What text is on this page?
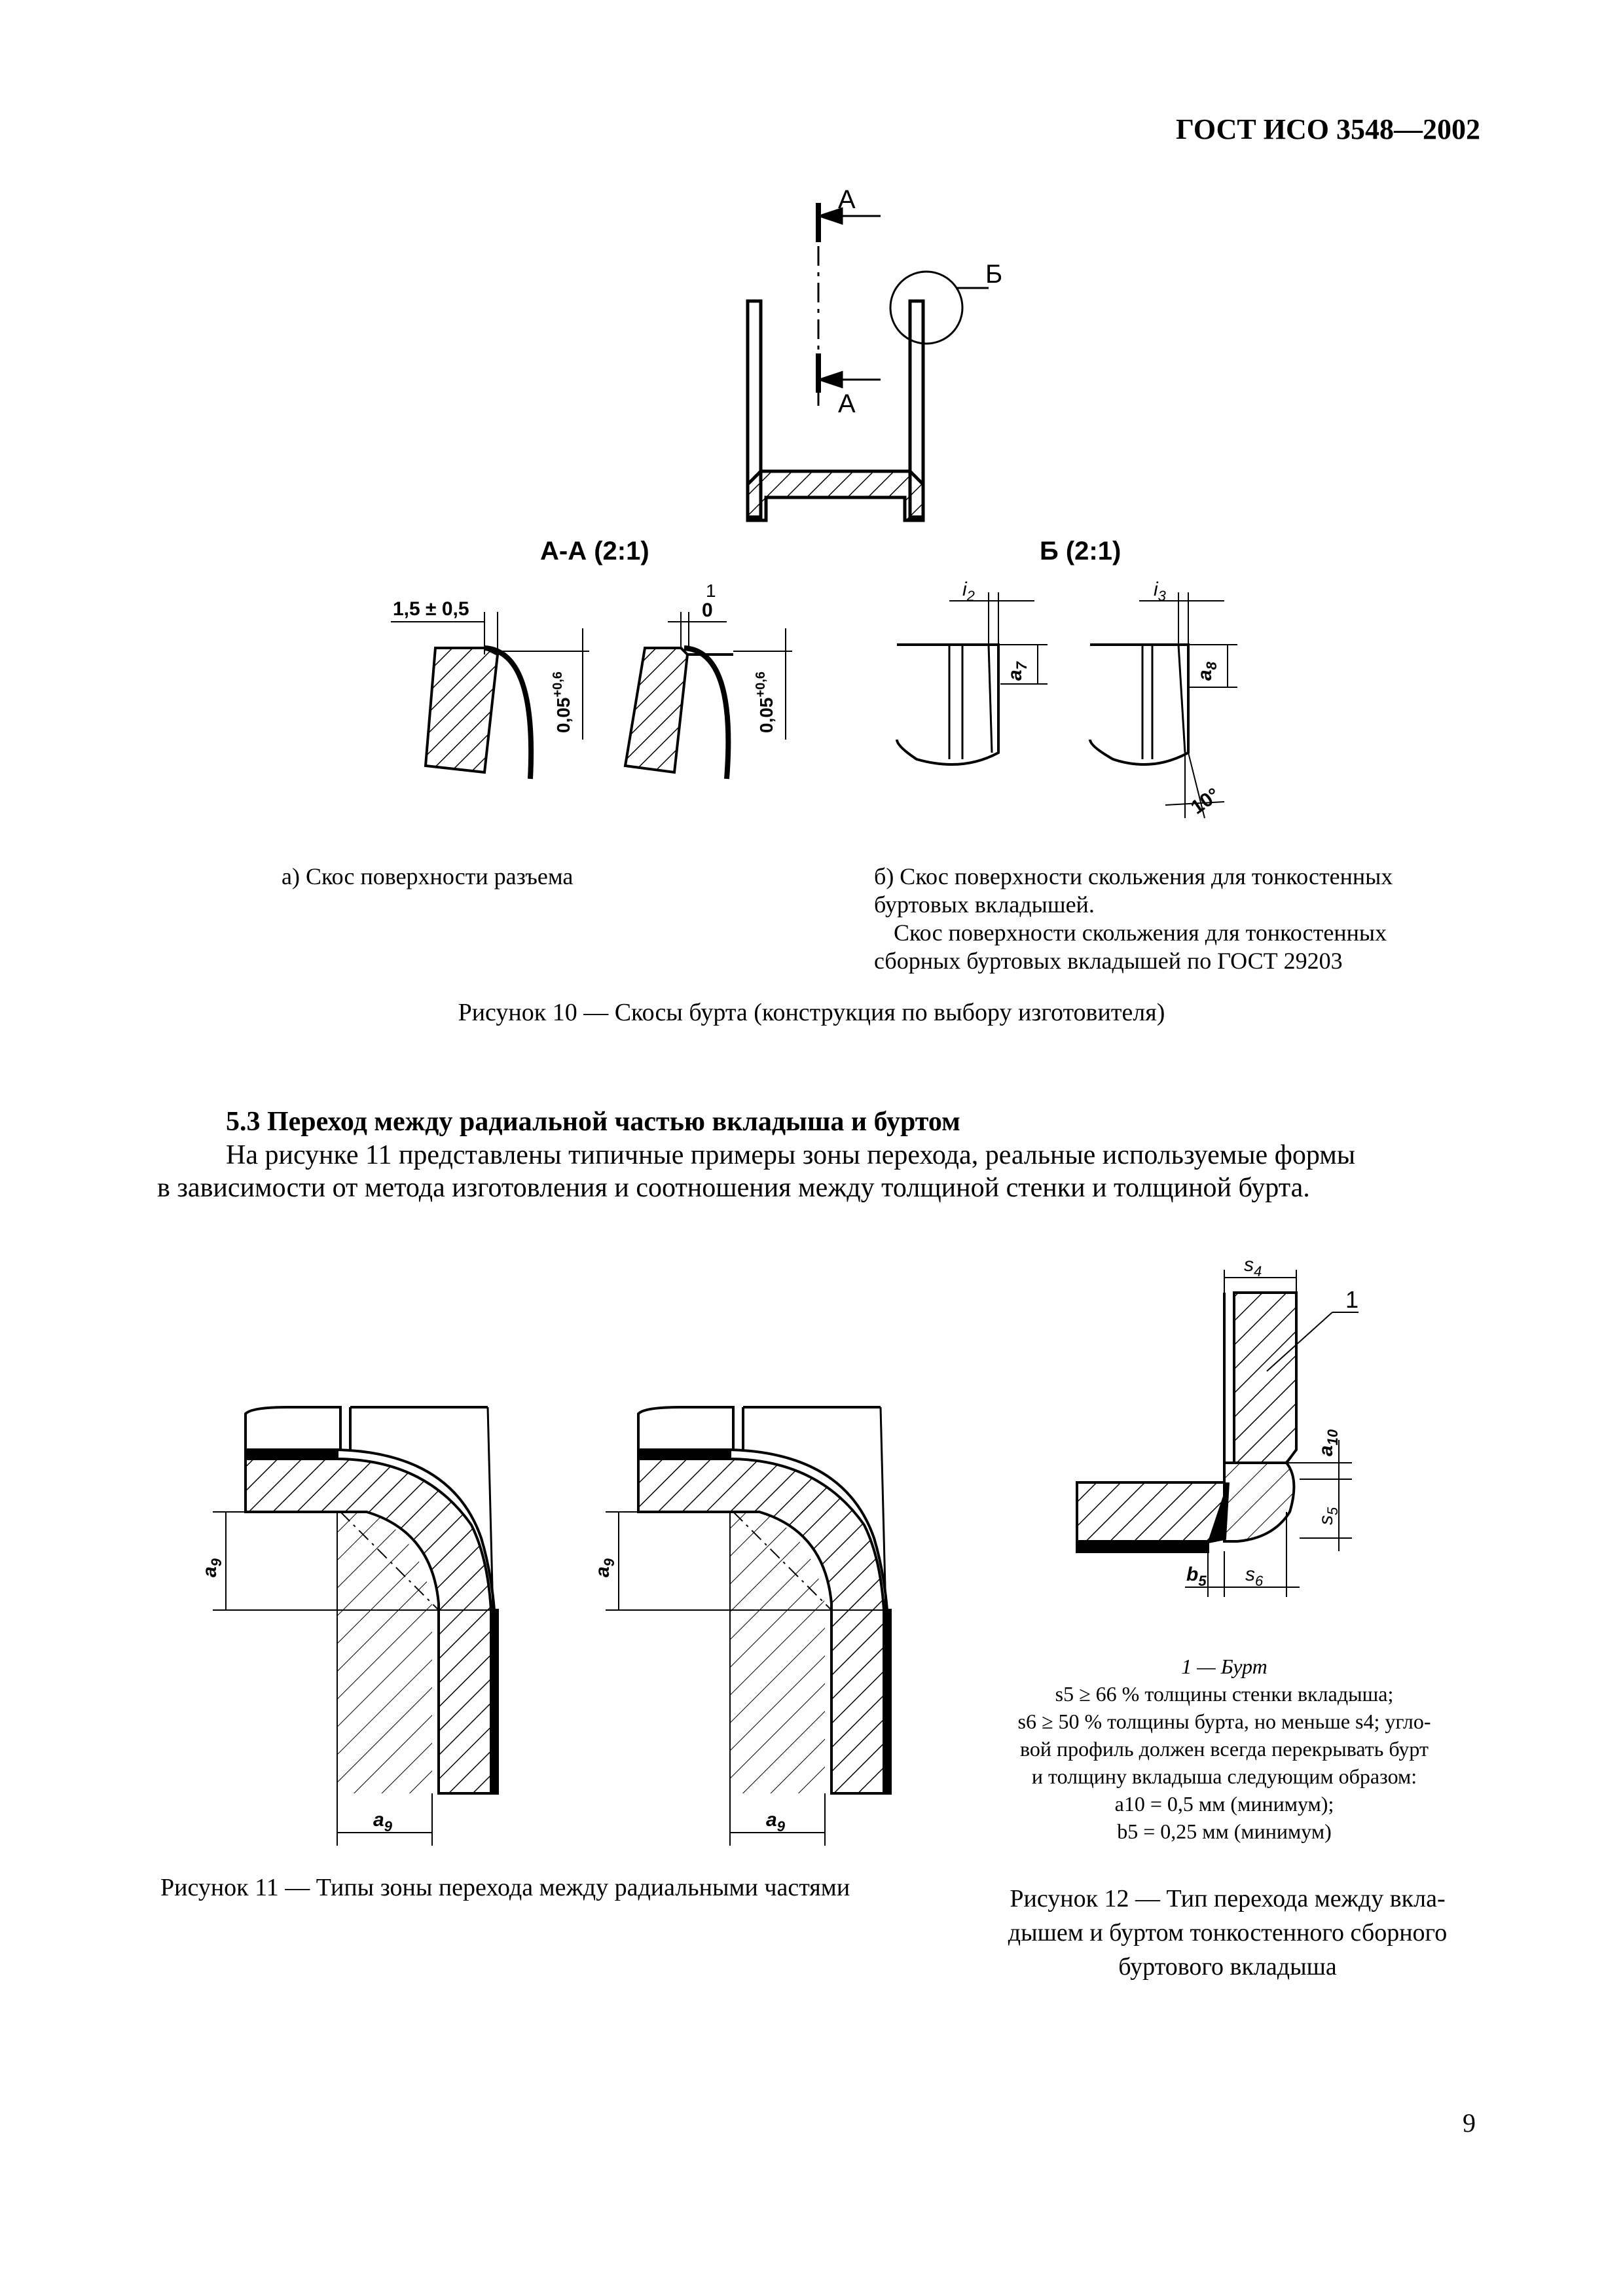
ГОСТ ИСО 3548—2002
А
А
Б
А-А (2:1)	Б (2:1)
1,5 ± 0,5
$0,05^{+0,6}$
1
0
$0,05^{+0,6}$
$i_2$
$a_7$
$i_3$
$a_8$
10°
а) Скос поверхности разъема	б) Скос поверхности скольжения для тонкостенных
буртовых вкладышей.
Скос поверхности скольжения для тонкостенных
сборных буртовых вкладышей по ГОСТ 29203
Рисунок 10 — Скосы бурта (конструкция по выбору изготовителя)
5.3 Переход между радиальной частью вкладыша и буртом
На рисунке 11 представлены типичные примеры зоны перехода, реальные используемые формы
в зависимости от метода изготовления и соотношения между толщиной стенки и толщиной бурта.
$a_9$
$a_9$
$a_9$
$a_9$
$s_4$
1
$a_{10}$
$s_5$
$b_5$ $s_6$
1 — Бурт
s5 ≥ 66 % толщины стенки вкладыша;
s6 ≥ 50 % толщины бурта, но меньше s4; угло-
вой профиль должен всегда перекрывать бурт
и толщину вкладыша следующим образом:
a10 = 0,5 мм (минимум);
b5 = 0,25 мм (минимум)
Рисунок 11 — Типы зоны перехода между радиальными частями	Рисунок 12 — Тип перехода между вкла-
дышем и буртом тонкостенного сборного
буртового вкладыша
9
